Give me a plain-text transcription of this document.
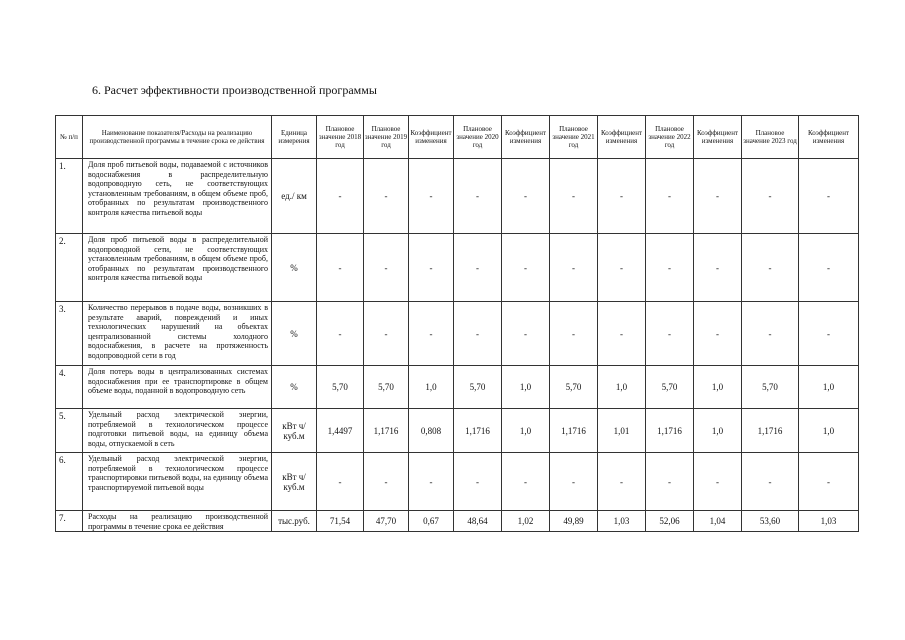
6. Расчет эффективности производственной программы
№ п/п	Наименование показателя/Расходы на реализацию производственной программы в течение срока ее действия	Единица измерения	Плановое значение 2018 год	Плановое значение 2019 год	Коэффициент изменения	Плановое значение 2020 год	Коэффициент изменения	Плановое значение 2021 год	Коэффициент изменения	Плановое значение 2022 год	Коэффициент изменения	Плановое значение 2023 год	Коэффициент изменения
1.	Доля проб питьевой воды, подаваемой с источников водоснабжения в распределительную водопроводную сеть, не соответствующих установленным требованиям, в общем объеме проб, отобранных по результатам производственного контроля качества питьевой воды	ед./ км	-	-	-	-	-	-	-	-	-	-	-
2.	Доля проб питьевой воды в распределительной водопроводной сети, не соответствующих установленным требованиям, в общем объеме проб, отобранных по результатам производственного контроля качества питьевой воды	%	-	-	-	-	-	-	-	-	-	-	-
3.	Количество перерывов в подаче воды, возникших в результате аварий, повреждений и иных технологических нарушений на объектах централизованной системы холодного водоснабжения, в расчете на протяженность водопроводной сети в год	%	-	-	-	-	-	-	-	-	-	-	-
4.	Доля потерь воды в централизованных системах водоснабжения при ее транспортировке в общем объеме воды, поданной в водопроводную сеть	%	5,70	5,70	1,0	5,70	1,0	5,70	1,0	5,70	1,0	5,70	1,0
5.	Удельный расход электрической энергии, потребляемой в технологическом процессе подготовки питьевой воды, на единицу объема воды, отпускаемой в сеть	кВт ч/куб.м	1,4497	1,1716	0,808	1,1716	1,0	1,1716	1,01	1,1716	1,0	1,1716	1,0
6.	Удельный расход электрической энергии, потребляемой в технологическом процессе транспортировки питьевой воды, на единицу объема транспортируемой питьевой воды	кВт ч/куб.м	-	-	-	-	-	-	-	-	-	-	-
7.	Расходы на реализацию производственной программы в течение срока ее действия	тыс.руб.	71,54	47,70	0,67	48,64	1,02	49,89	1,03	52,06	1,04	53,60	1,03
